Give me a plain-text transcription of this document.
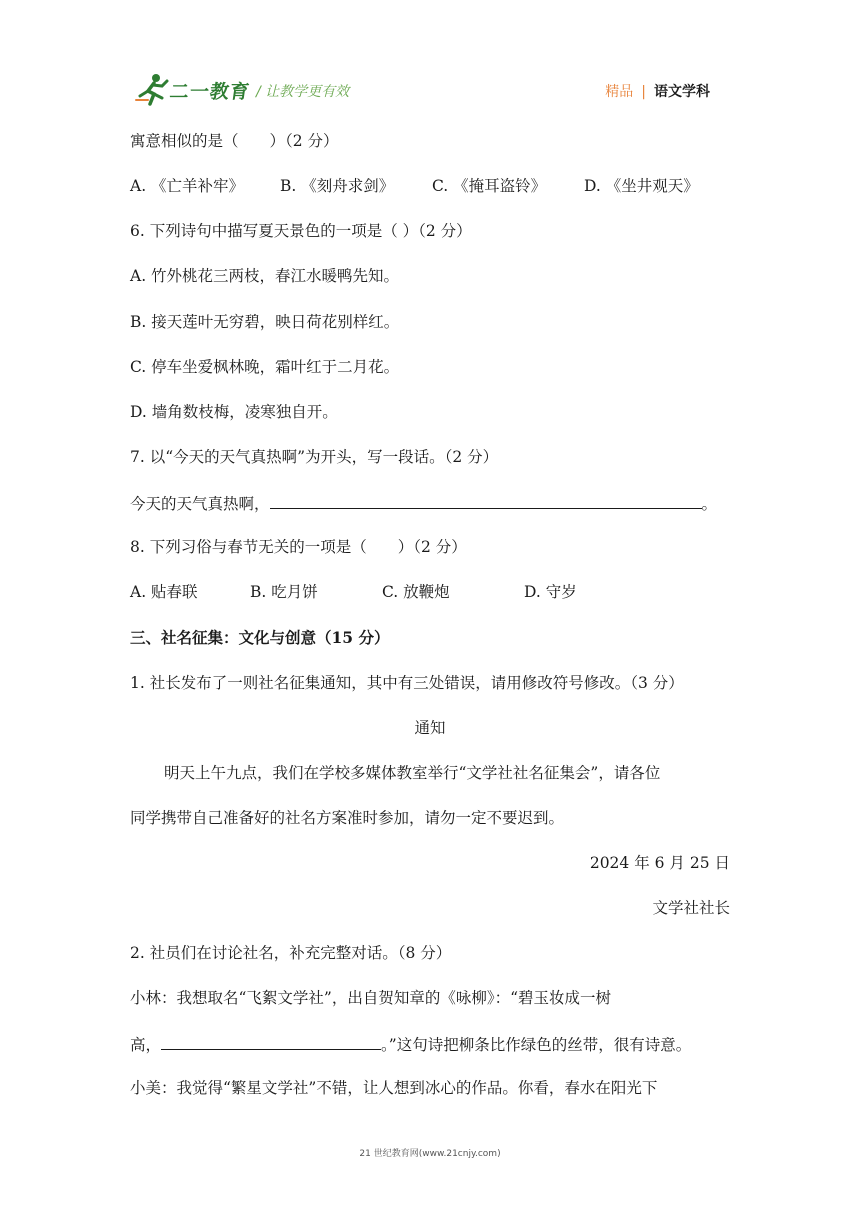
二一教育 / 让教学更有效	精品 | 语文学科
寓意相似的是（　　）（2 分）
A. 《亡羊补牢》 B. 《刻舟求剑》 C. 《掩耳盗铃》 D. 《坐井观天》
6. 下列诗句中描写夏天景色的一项是（ ）（2 分）
A. 竹外桃花三两枝，春江水暖鸭先知。
B. 接天莲叶无穷碧，映日荷花别样红。
C. 停车坐爱枫林晚，霜叶红于二月花。
D. 墙角数枝梅，凌寒独自开。
7. 以“今天的天气真热啊”为开头，写一段话。（2 分）
今天的天气真热啊，	。
8. 下列习俗与春节无关的一项是（　　）（2 分）
A. 贴春联	B. 吃月饼	C. 放鞭炮	D. 守岁
三、社名征集：文化与创意（15 分）
1. 社长发布了一则社名征集通知，其中有三处错误，请用修改符号修改。（3 分）
通知
明天上午九点，我们在学校多媒体教室举行“文学社社名征集会”，请各位
同学携带自己准备好的社名方案准时参加，请勿一定不要迟到。
2024 年 6 月 25 日
文学社社长
2. 社员们在讨论社名，补充完整对话。（8 分）
小林：我想取名“飞絮文学社”，出自贺知章的《咏柳》：“碧玉妆成一树
高，	。”这句诗把柳条比作绿色的丝带，很有诗意。
小美：我觉得“繁星文学社”不错，让人想到冰心的作品。你看，春水在阳光下
21 世纪教育网(www.21cnjy.com)
